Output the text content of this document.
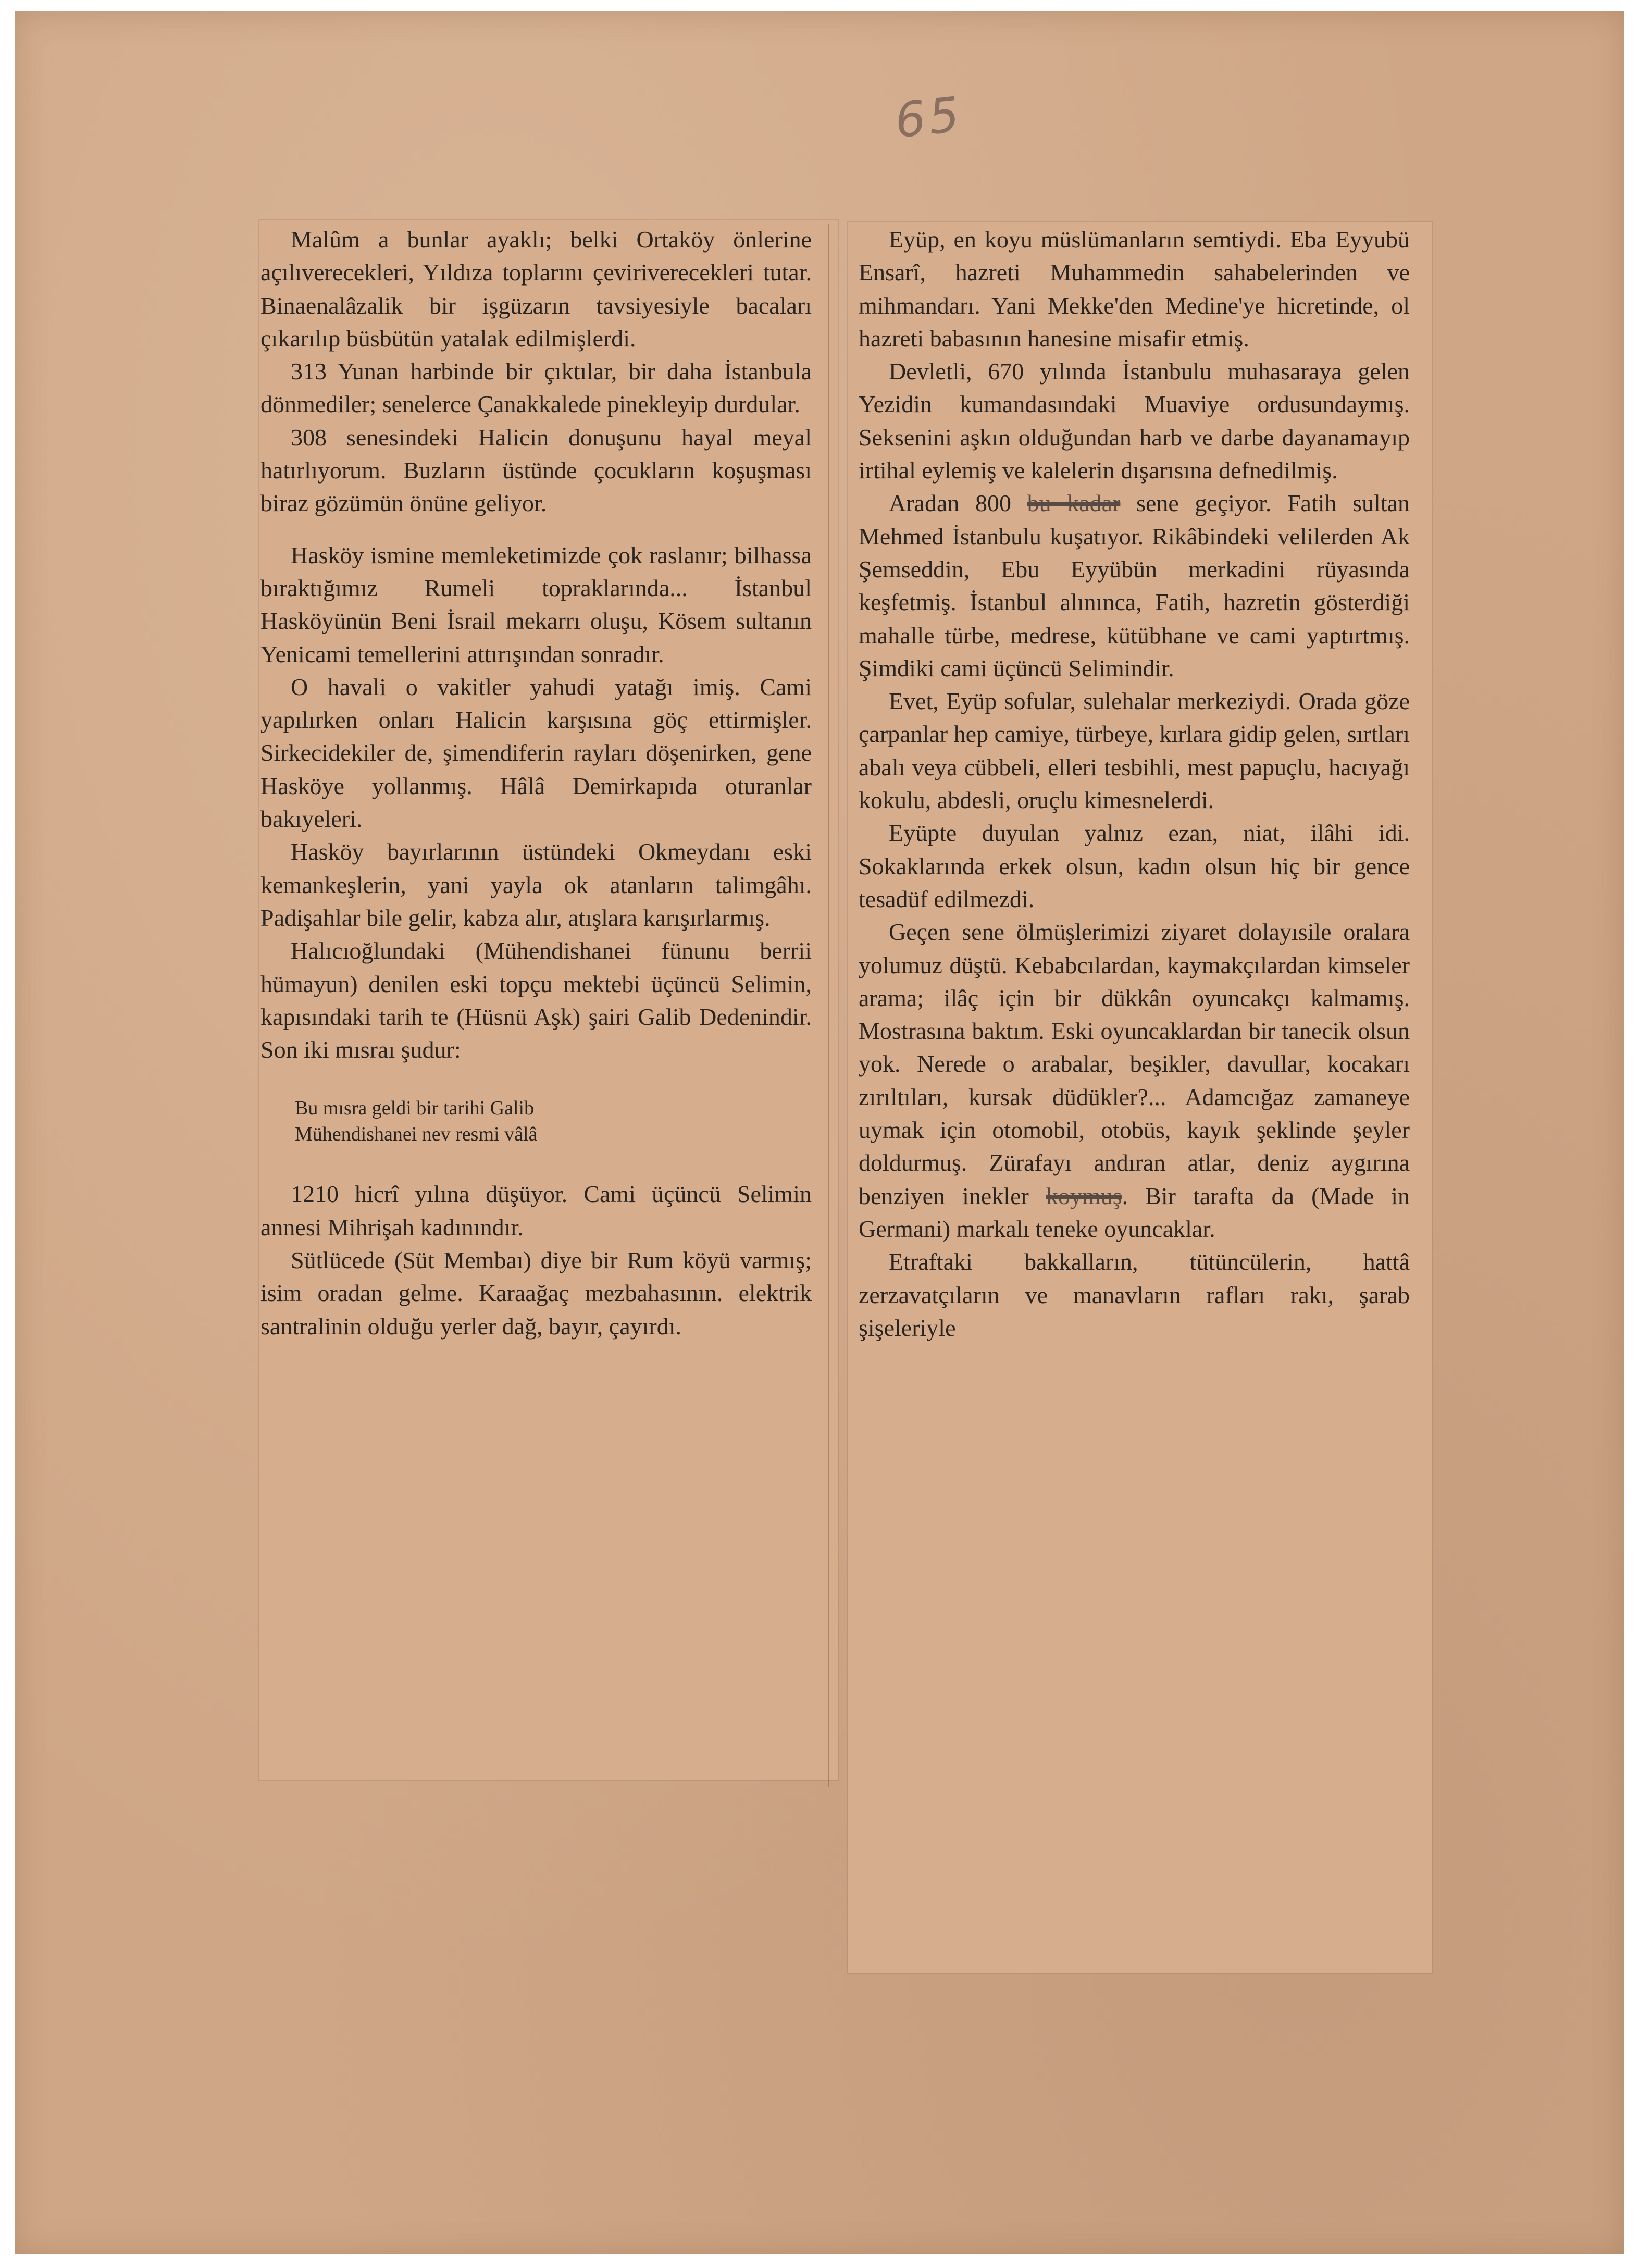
65

Malûm a bunlar ayaklı; belki Ortaköy önlerine açılıverecekleri, Yıldıza toplarını çeviriverecekleri tutar. Binaenalâzalik bir işgüzarın tavsiyesiyle bacaları çıkarılıp büsbütün yatalak edilmişlerdi.

313 Yunan harbinde bir çıktılar, bir daha İstanbula dönmediler; senelerce Çanakkalede pinekleyip durdular.

308 senesindeki Halicin donuşunu hayal meyal hatırlıyorum. Buzların üstünde çocukların koşuşması biraz gözümün önüne geliyor.

Hasköy ismine memleketimizde çok raslanır; bilhassa bıraktığımız Rumeli topraklarında... İstanbul Hasköyünün Beni İsrail mekarrı oluşu, Kösem sultanın Yenicami temellerini attırışından sonradır.

O havali o vakitler yahudi yatağı imiş. Cami yapılırken onları Halicin karşısına göç ettirmişler. Sirkecidekiler de, şimendiferin rayları döşenirken, gene Hasköye yollanmış. Hâlâ Demirkapıda oturanlar bakıyeleri.

Hasköy bayırlarının üstündeki Okmeydanı eski kemankeşlerin, yani yayla ok atanların talimgâhı. Padişahlar bile gelir, kabza alır, atışlara karışırlarmış.

Halıcıoğlundaki (Mühendishanei fünunu berrii hümayun) denilen eski topçu mektebi üçüncü Selimin, kapısındaki tarih te (Hüsnü Aşk) şairi Galib Dedenindir. Son iki mısraı şudur:

Bu mısra geldi bir tarihi Galib
Mühendishanei nev resmi vâlâ

1210 hicrî yılına düşüyor. Cami üçüncü Selimin annesi Mihrişah kadınındır.

Sütlücede (Süt Membaı) diye bir Rum köyü varmış; isim oradan gelme. Karaağaç mezbahasının. elektrik santralinin olduğu yerler dağ, bayır, çayırdı.

Eyüp, en koyu müslümanların semtiydi. Eba Eyyubü Ensarî, hazreti Muhammedin sahabelerinden ve mihmandarı. Yani Mekke'den Medine'ye hicretinde, ol hazreti babasının hanesine misafir etmiş.

Devletli, 670 yılında İstanbulu muhasaraya gelen Yezidin kumandasındaki Muaviye ordusundaymış. Seksenini aşkın olduğundan harb ve darbe dayanamayıp irtihal eylemiş ve kalelerin dışarısına defnedilmiş.

Aradan 800 bu kadar sene geçiyor. Fatih sultan Mehmed İstanbulu kuşatıyor. Rikâbindeki velilerden Ak Şemseddin, Ebu Eyyübün merkadini rüyasında keşfetmiş. İstanbul alınınca, Fatih, hazretin gösterdiği mahalle türbe, medrese, kütübhane ve cami yaptırtmış. Şimdiki cami üçüncü Selimindir.

Evet, Eyüp sofular, sulehalar merkeziydi. Orada göze çarpanlar hep camiye, türbeye, kırlara gidip gelen, sırtları abalı veya cübbeli, elleri tesbihli, mest papuçlu, hacıyağı kokulu, abdesli, oruçlu kimesnelerdi.

Eyüpte duyulan yalnız ezan, niat, ilâhi idi. Sokaklarında erkek olsun, kadın olsun hiç bir gence tesadüf edilmezdi.

Geçen sene ölmüşlerimizi ziyaret dolayısile oralara yolumuz düştü. Kebabcılardan, kaymakçılardan kimseler arama; ilâç için bir dükkân oyuncakçı kalmamış. Mostrasına baktım. Eski oyuncaklardan bir tanecik olsun yok. Nerede o arabalar, beşikler, davullar, kocakarı zırıltıları, kursak düdükler?... Adamcığaz zamaneye uymak için otomobil, otobüs, kayık şeklinde şeyler doldurmuş. Zürafayı andıran atlar, deniz aygırına benziyen inekler koymuş. Bir tarafta da (Made in Germani) markalı teneke oyuncaklar.

Etraftaki bakkalların, tütüncülerin, hattâ zerzavatçıların ve manavların rafları rakı, şarab şişeleriyle
